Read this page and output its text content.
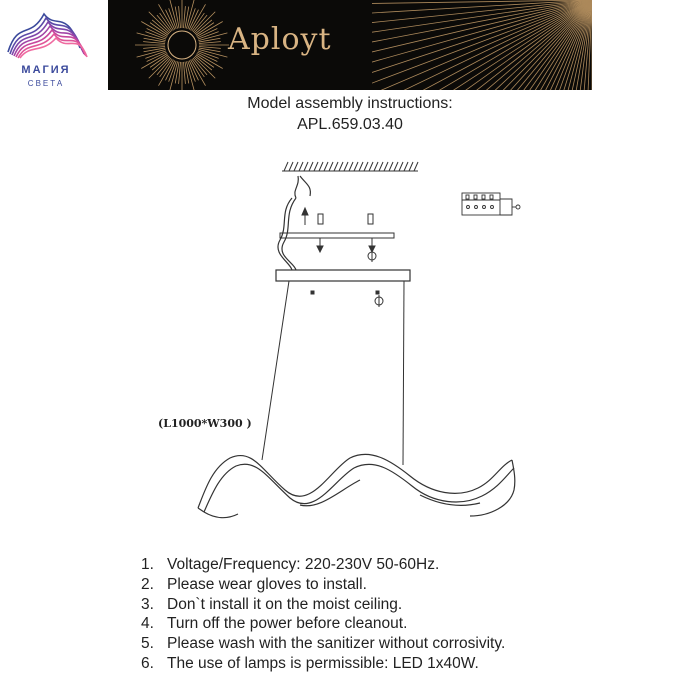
МАГИЯ
СВЕТА
Aployt
Model assembly instructions:
APL.659.03.40
(L1000*W300 )
1. Voltage/Frequency: 220-230V 50-60Hz.
2. Please wear gloves to install.
3. Don`t install it on the moist ceiling.
4. Turn off the power before cleanout.
5. Please wash with the sanitizer without corrosivity.
6. The use of lamps is permissible: LED 1x40W.
